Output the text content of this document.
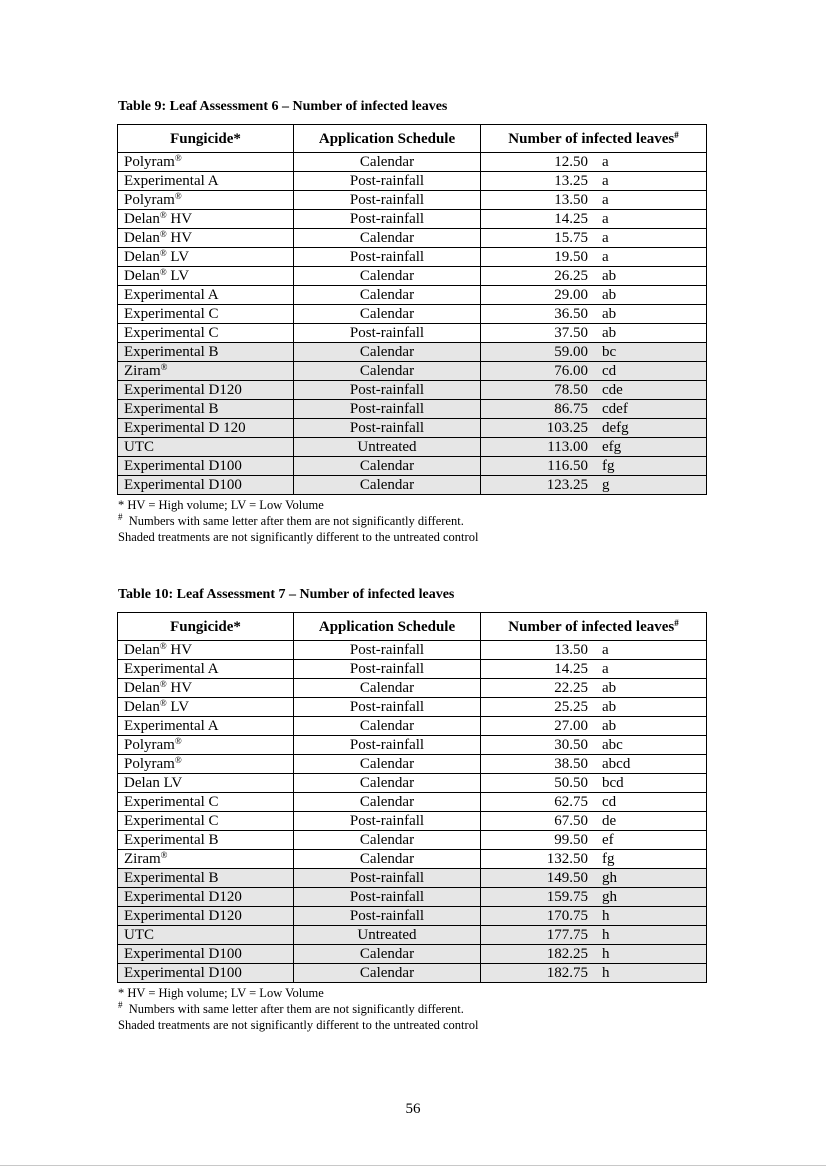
Table 9: Leaf Assessment 6 – Number of infected leaves
Fungicide*	Application Schedule	Number of infected leaves#
Polyram®	Calendar	12.50 a

Experimental A	Post-rainfall	13.25 a

Polyram®	Post-rainfall	13.50 a

Delan® HV	Post-rainfall	14.25 a

Delan® HV	Calendar	15.75 a

Delan® LV	Post-rainfall	19.50 a

Delan® LV	Calendar	26.25 ab

Experimental A	Calendar	29.00 ab

Experimental C	Calendar	36.50 ab

Experimental C	Post-rainfall	37.50 ab

Experimental B	Calendar	59.00 bc

Ziram®	Calendar	76.00 cd

Experimental D120	Post-rainfall	78.50 cde

Experimental B	Post-rainfall	86.75 cdef

Experimental D 120	Post-rainfall	103.25 defg

UTC	Untreated	113.00 efg

Experimental D100	Calendar	116.50 fg

Experimental D100	Calendar	123.25 g
* HV = High volume; LV = Low Volume
# Numbers with same letter after them are not significantly different.
Shaded treatments are not significantly different to the untreated control
Table 10: Leaf Assessment 7 – Number of infected leaves
Fungicide*	Application Schedule	Number of infected leaves#
Delan® HV	Post-rainfall	13.50 a

Experimental A	Post-rainfall	14.25 a

Delan® HV	Calendar	22.25 ab

Delan® LV	Post-rainfall	25.25 ab

Experimental A	Calendar	27.00 ab

Polyram®	Post-rainfall	30.50 abc

Polyram®	Calendar	38.50 abcd

Delan LV	Calendar	50.50 bcd

Experimental C	Calendar	62.75 cd

Experimental C	Post-rainfall	67.50 de

Experimental B	Calendar	99.50 ef

Ziram®	Calendar	132.50 fg

Experimental B	Post-rainfall	149.50 gh

Experimental D120	Post-rainfall	159.75 gh

Experimental D120	Post-rainfall	170.75 h

UTC	Untreated	177.75 h

Experimental D100	Calendar	182.25 h

Experimental D100	Calendar	182.75 h
* HV = High volume; LV = Low Volume
# Numbers with same letter after them are not significantly different.
Shaded treatments are not significantly different to the untreated control
56
